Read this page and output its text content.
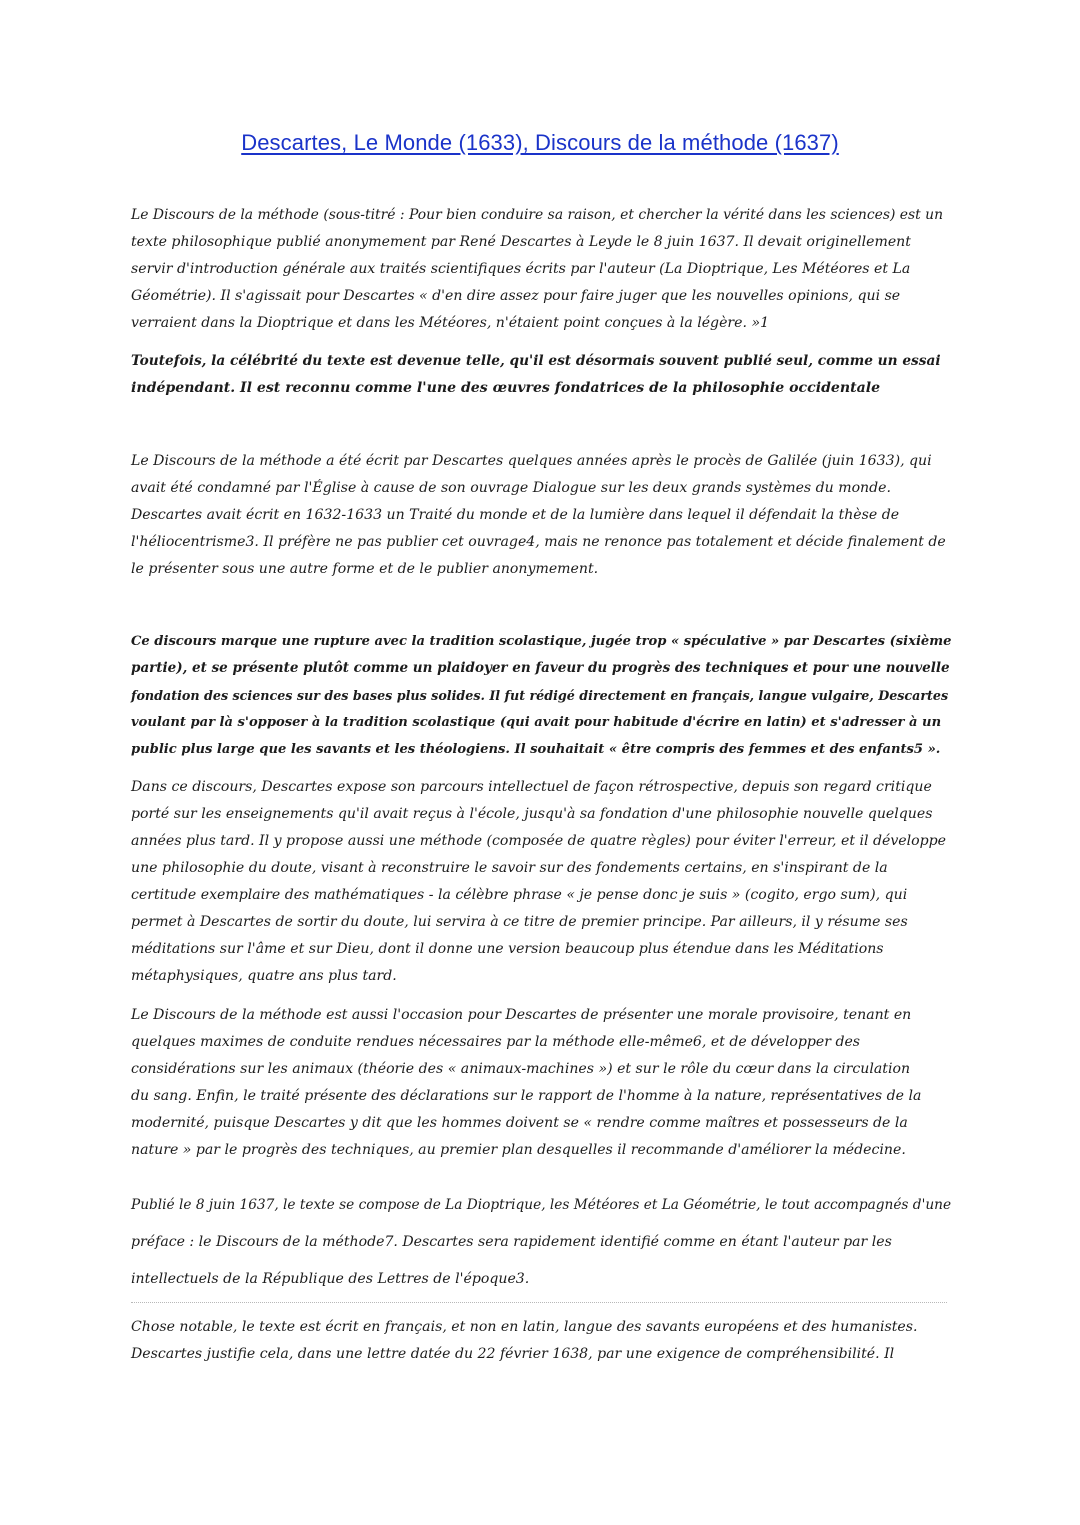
Descartes, Le Monde (1633), Discours de la méthode (1637)
Le Discours de la méthode (sous-titré : Pour bien conduire sa raison, et chercher la vérité dans les sciences) est un
texte philosophique publié anonymement par René Descartes à Leyde le 8 juin 1637. Il devait originellement
servir d'introduction générale aux traités scientifiques écrits par l'auteur (La Dioptrique, Les Météores et La
Géométrie). Il s'agissait pour Descartes « d'en dire assez pour faire juger que les nouvelles opinions, qui se
verraient dans la Dioptrique et dans les Météores, n'étaient point conçues à la légère. »1
Toutefois, la célébrité du texte est devenue telle, qu'il est désormais souvent publié seul, comme un essai
indépendant. Il est reconnu comme l'une des œuvres fondatrices de la philosophie occidentale
Le Discours de la méthode a été écrit par Descartes quelques années après le procès de Galilée (juin 1633), qui
avait été condamné par l'Église à cause de son ouvrage Dialogue sur les deux grands systèmes du monde.
Descartes avait écrit en 1632-1633 un Traité du monde et de la lumière dans lequel il défendait la thèse de
l'héliocentrisme3. Il préfère ne pas publier cet ouvrage4, mais ne renonce pas totalement et décide finalement de
le présenter sous une autre forme et de le publier anonymement.
Ce discours marque une rupture avec la tradition scolastique, jugée trop « spéculative » par Descartes (sixième
partie), et se présente plutôt comme un plaidoyer en faveur du progrès des techniques et pour une nouvelle
fondation des sciences sur des bases plus solides. Il fut rédigé directement en français, langue vulgaire, Descartes
voulant par là s'opposer à la tradition scolastique (qui avait pour habitude d'écrire en latin) et s'adresser à un
public plus large que les savants et les théologiens. Il souhaitait « être compris des femmes et des enfants5 ».
Dans ce discours, Descartes expose son parcours intellectuel de façon rétrospective, depuis son regard critique
porté sur les enseignements qu'il avait reçus à l'école, jusqu'à sa fondation d'une philosophie nouvelle quelques
années plus tard. Il y propose aussi une méthode (composée de quatre règles) pour éviter l'erreur, et il développe
une philosophie du doute, visant à reconstruire le savoir sur des fondements certains, en s'inspirant de la
certitude exemplaire des mathématiques - la célèbre phrase « je pense donc je suis » (cogito, ergo sum), qui
permet à Descartes de sortir du doute, lui servira à ce titre de premier principe. Par ailleurs, il y résume ses
méditations sur l'âme et sur Dieu, dont il donne une version beaucoup plus étendue dans les Méditations
métaphysiques, quatre ans plus tard.
Le Discours de la méthode est aussi l'occasion pour Descartes de présenter une morale provisoire, tenant en
quelques maximes de conduite rendues nécessaires par la méthode elle-même6, et de développer des
considérations sur les animaux (théorie des « animaux-machines ») et sur le rôle du cœur dans la circulation
du sang. Enfin, le traité présente des déclarations sur le rapport de l'homme à la nature, représentatives de la
modernité, puisque Descartes y dit que les hommes doivent se « rendre comme maîtres et possesseurs de la
nature » par le progrès des techniques, au premier plan desquelles il recommande d'améliorer la médecine.
Publié le 8 juin 1637, le texte se compose de La Dioptrique, les Météores et La Géométrie, le tout accompagnés d'une
préface : le Discours de la méthode7. Descartes sera rapidement identifié comme en étant l'auteur par les
intellectuels de la République des Lettres de l'époque3.
Chose notable, le texte est écrit en français, et non en latin, langue des savants européens et des humanistes.
Descartes justifie cela, dans une lettre datée du 22 février 1638, par une exigence de compréhensibilité. Il
